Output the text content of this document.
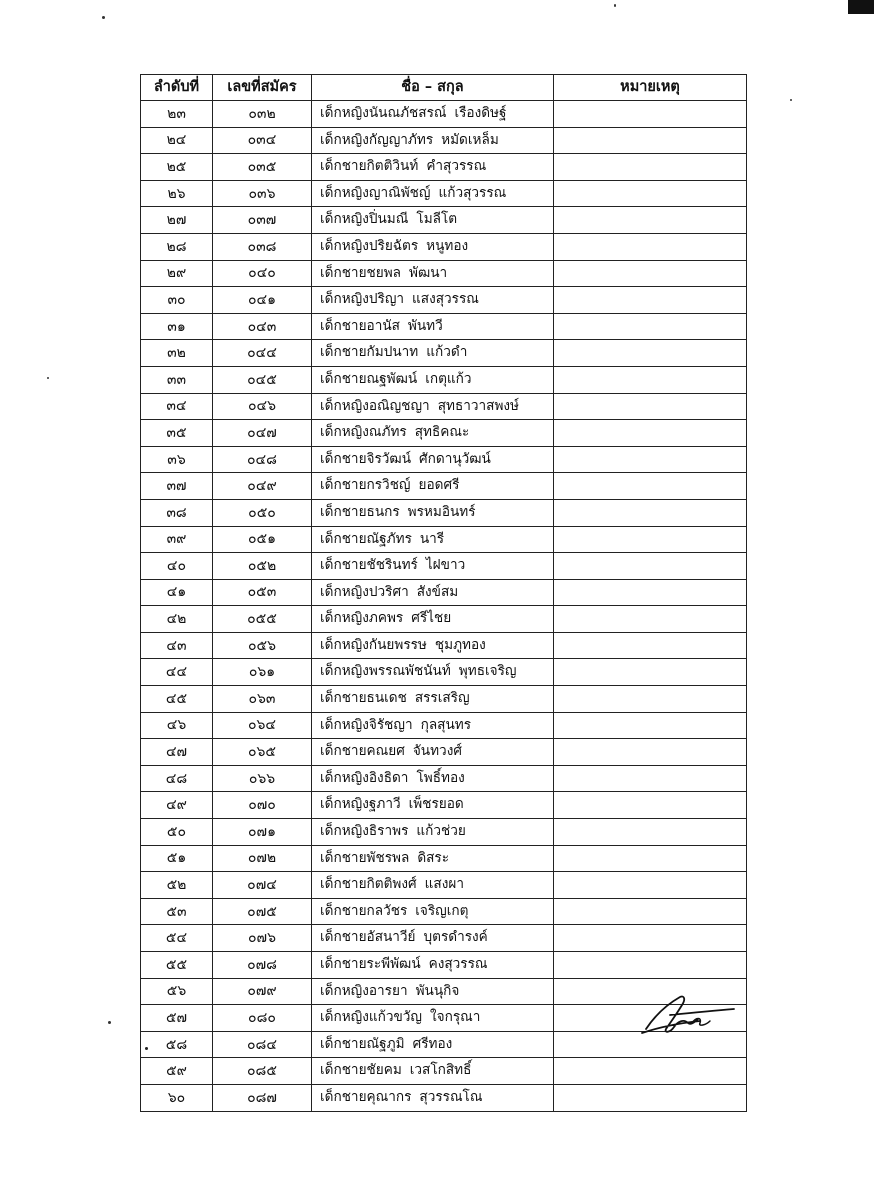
ลำดับที่	เลขที่สมัคร	ชื่อ – สกุล	หมายเหตุ
๒๓	๐๓๒	เด็กหญิงนันณภัชสรณ์ เรืองดิษฐ์	
๒๔	๐๓๔	เด็กหญิงกัญญาภัทร หมัดเหล็ม	
๒๕	๐๓๕	เด็กชายกิตติวินท์ คำสุวรรณ	
๒๖	๐๓๖	เด็กหญิงญาณิพัชญ์ แก้วสุวรรณ	
๒๗	๐๓๗	เด็กหญิงปิ่นมณี โมลีโต	
๒๘	๐๓๘	เด็กหญิงปริยฉัตร หนูทอง	
๒๙	๐๔๐	เด็กชายชยพล พัฒนา	
๓๐	๐๔๑	เด็กหญิงปริญา แสงสุวรรณ	
๓๑	๐๔๓	เด็กชายอานัส พันทวี	
๓๒	๐๔๔	เด็กชายกัมปนาท แก้วดำ	
๓๓	๐๔๕	เด็กชายณฐพัฒน์ เกตุแก้ว	
๓๔	๐๔๖	เด็กหญิงอณิญชญา สุทธาวาสพงษ์	
๓๕	๐๔๗	เด็กหญิงณภัทร สุทธิคณะ	
๓๖	๐๔๘	เด็กชายจิรวัฒน์ ศักดานุวัฒน์	
๓๗	๐๔๙	เด็กชายกรวิชญ์ ยอดศรี	
๓๘	๐๕๐	เด็กชายธนกร พรหมอินทร์	
๓๙	๐๕๑	เด็กชายณัฐภัทร นารี	
๔๐	๐๕๒	เด็กชายชัชรินทร์ ไฝขาว	
๔๑	๐๕๓	เด็กหญิงปวริศา สังข์สม	
๔๒	๐๕๕	เด็กหญิงภคพร ศรีไชย	
๔๓	๐๕๖	เด็กหญิงกันยพรรษ ชุมภูทอง	
๔๔	๐๖๑	เด็กหญิงพรรณพัชนันท์ พุทธเจริญ	
๔๕	๐๖๓	เด็กชายธนเดช สรรเสริญ	
๔๖	๐๖๔	เด็กหญิงจิรัชญา กุลสุนทร	
๔๗	๐๖๕	เด็กชายคณยศ จันทวงศ์	
๔๘	๐๖๖	เด็กหญิงอิงธิดา โพธิ์ทอง	
๔๙	๐๗๐	เด็กหญิงฐภาวี เพ็ชรยอด	
๕๐	๐๗๑	เด็กหญิงธิราพร แก้วช่วย	
๕๑	๐๗๒	เด็กชายพัชรพล ดิสระ	
๕๒	๐๗๔	เด็กชายกิตติพงศ์ แสงผา	
๕๓	๐๗๕	เด็กชายกลวัชร เจริญเกตุ	
๕๔	๐๗๖	เด็กชายอัสนาวีย์ บุตรดำรงค์	
๕๕	๐๗๘	เด็กชายระพีพัฒน์ คงสุวรรณ	
๕๖	๐๗๙	เด็กหญิงอารยา พันนุกิจ	
๕๗	๐๘๐	เด็กหญิงแก้วขวัญ ใจกรุณา	
๕๘	๐๘๔	เด็กชายณัฐภูมิ ศรีทอง	
๕๙	๐๘๕	เด็กชายชัยคม เวสโกสิทธิ์	
๖๐	๐๘๗	เด็กชายคุณากร สุวรรณโณ	
